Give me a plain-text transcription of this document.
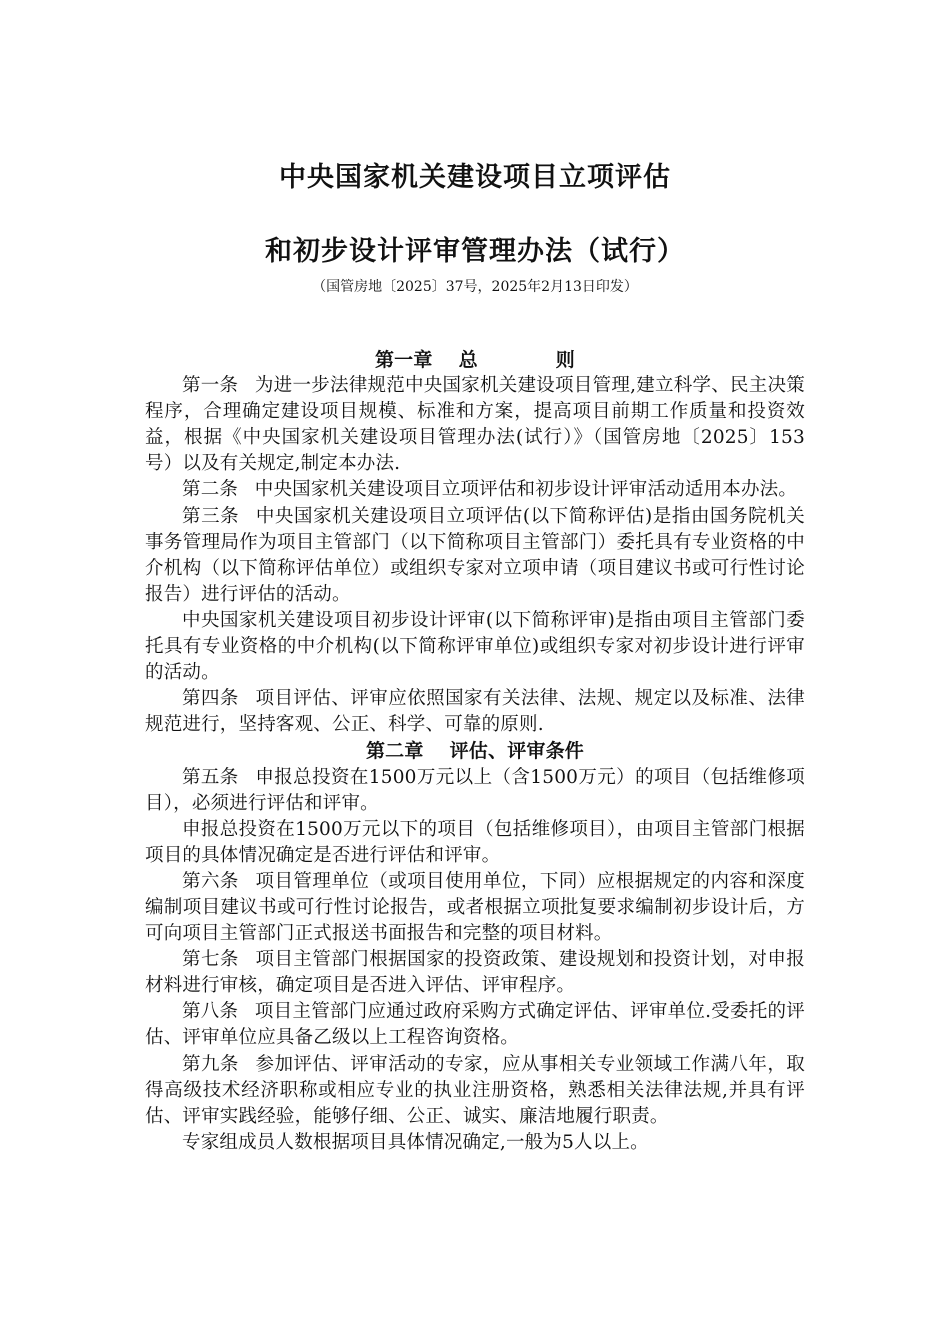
中央国家机关建设项目立项评估
和初步设计评审管理办法（试行）

（国管房地〔2025〕37号，2025年2月13日印发）

第一章 总	则

第一条 为进一步法律规范中央国家机关建设项目管理,建立科学、民主决策程序，合理确定建设项目规模、标准和方案，提高项目前期工作质量和投资效益，根据《中央国家机关建设项目管理办法(试行）》（国管房地〔2025〕153号）以及有关规定,制定本办法.

第二条 中央国家机关建设项目立项评估和初步设计评审活动适用本办法。

第三条 中央国家机关建设项目立项评估(以下简称评估)是指由国务院机关事务管理局作为项目主管部门（以下简称项目主管部门）委托具有专业资格的中介机构（以下简称评估单位）或组织专家对立项申请（项目建议书或可行性讨论报告）进行评估的活动。

中央国家机关建设项目初步设计评审(以下简称评审)是指由项目主管部门委托具有专业资格的中介机构(以下简称评审单位)或组织专家对初步设计进行评审的活动。

第四条 项目评估、评审应依照国家有关法律、法规、规定以及标准、法律规范进行，坚持客观、公正、科学、可靠的原则.

第二章 评估、评审条件

第五条 申报总投资在1500万元以上（含1500万元）的项目（包括维修项目），必须进行评估和评审。

申报总投资在1500万元以下的项目（包括维修项目），由项目主管部门根据项目的具体情况确定是否进行评估和评审。

第六条 项目管理单位（或项目使用单位，下同）应根据规定的内容和深度编制项目建议书或可行性讨论报告，或者根据立项批复要求编制初步设计后，方可向项目主管部门正式报送书面报告和完整的项目材料。

第七条 项目主管部门根据国家的投资政策、建设规划和投资计划，对申报材料进行审核，确定项目是否进入评估、评审程序。

第八条 项目主管部门应通过政府采购方式确定评估、评审单位.受委托的评估、评审单位应具备乙级以上工程咨询资格。

第九条 参加评估、评审活动的专家，应从事相关专业领域工作满八年，取得高级技术经济职称或相应专业的执业注册资格，熟悉相关法律法规,并具有评估、评审实践经验，能够仔细、公正、诚实、廉洁地履行职责。

专家组成员人数根据项目具体情况确定,一般为5人以上。
